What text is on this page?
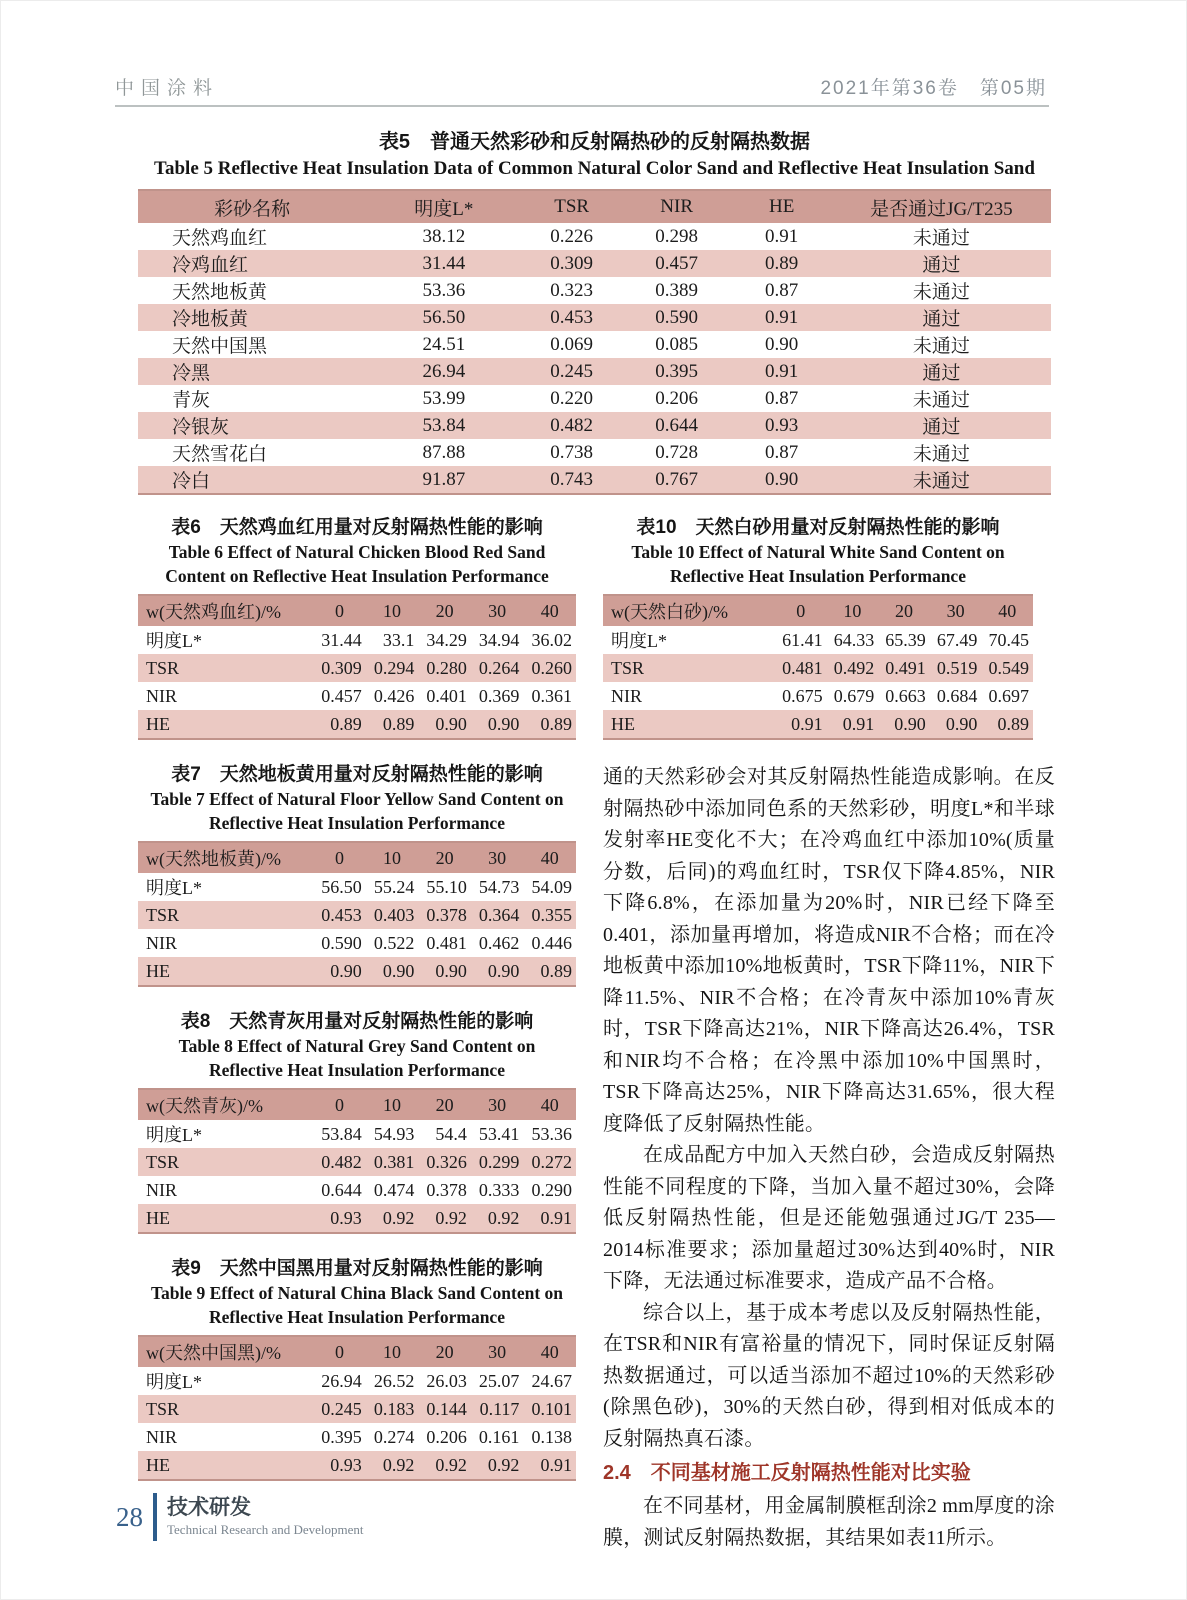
中国涂料	2021年第36卷　第05期
表5　普通天然彩砂和反射隔热砂的反射隔热数据
Table 5 Reflective Heat Insulation Data of Common Natural Color Sand and Reflective Heat Insulation Sand
彩砂名称	明度L*	TSR	NIR	HE	是否通过JG/T235
天然鸡血红	38.12	0.226	0.298	0.91	未通过
冷鸡血红	31.44	0.309	0.457	0.89	通过
天然地板黄	53.36	0.323	0.389	0.87	未通过
冷地板黄	56.50	0.453	0.590	0.91	通过
天然中国黑	24.51	0.069	0.085	0.90	未通过
冷黑	26.94	0.245	0.395	0.91	通过
青灰	53.99	0.220	0.206	0.87	未通过
冷银灰	53.84	0.482	0.644	0.93	通过
天然雪花白	87.88	0.738	0.728	0.87	未通过
冷白	91.87	0.743	0.767	0.90	未通过
表6　天然鸡血红用量对反射隔热性能的影响
Table 6 Effect of Natural Chicken Blood Red Sand
Content on Reflective Heat Insulation Performance
w(天然鸡血红)/%	0	10	20	30	40
明度L*	31.44	33.1	34.29	34.94	36.02
TSR	0.309	0.294	0.280	0.264	0.260
NIR	0.457	0.426	0.401	0.369	0.361
HE	0.89	0.89	0.90	0.90	0.89
表7　天然地板黄用量对反射隔热性能的影响
Table 7 Effect of Natural Floor Yellow Sand Content on
Reflective Heat Insulation Performance
w(天然地板黄)/%	0	10	20	30	40
明度L*	56.50	55.24	55.10	54.73	54.09
TSR	0.453	0.403	0.378	0.364	0.355
NIR	0.590	0.522	0.481	0.462	0.446
HE	0.90	0.90	0.90	0.90	0.89
表8　天然青灰用量对反射隔热性能的影响
Table 8 Effect of Natural Grey Sand Content on
Reflective Heat Insulation Performance
w(天然青灰)/%	0	10	20	30	40
明度L*	53.84	54.93	54.4	53.41	53.36
TSR	0.482	0.381	0.326	0.299	0.272
NIR	0.644	0.474	0.378	0.333	0.290
HE	0.93	0.92	0.92	0.92	0.91
表9　天然中国黑用量对反射隔热性能的影响
Table 9 Effect of Natural China Black Sand Content on
Reflective Heat Insulation Performance
w(天然中国黑)/%	0	10	20	30	40
明度L*	26.94	26.52	26.03	25.07	24.67
TSR	0.245	0.183	0.144	0.117	0.101
NIR	0.395	0.274	0.206	0.161	0.138
HE	0.93	0.92	0.92	0.92	0.91
表10　天然白砂用量对反射隔热性能的影响
Table 10 Effect of Natural White Sand Content on
Reflective Heat Insulation Performance
w(天然白砂)/%	0	10	20	30	40
明度L*	61.41	64.33	65.39	67.49	70.45
TSR	0.481	0.492	0.491	0.519	0.549
NIR	0.675	0.679	0.663	0.684	0.697
HE	0.91	0.91	0.90	0.90	0.89

通的天然彩砂会对其反射隔热性能造成影响。在反射隔热砂中添加同色系的天然彩砂，明度L*和半球发射率HE变化不大；在冷鸡血红中添加10%(质量分数，后同)的鸡血红时，TSR仅下降4.85%，NIR下降6.8%，在添加量为20%时，NIR已经下降至0.401，添加量再增加，将造成NIR不合格；而在冷地板黄中添加10%地板黄时，TSR下降11%，NIR下降11.5%、NIR不合格；在冷青灰中添加10%青灰时，TSR下降高达21%，NIR下降高达26.4%，TSR和NIR均不合格；在冷黑中添加10%中国黑时，TSR下降高达25%，NIR下降高达31.65%，很大程度降低了反射隔热性能。

在成品配方中加入天然白砂，会造成反射隔热性能不同程度的下降，当加入量不超过30%，会降低反射隔热性能，但是还能勉强通过JG/T 235—2014标准要求；添加量超过30%达到40%时，NIR下降，无法通过标准要求，造成产品不合格。

综合以上，基于成本考虑以及反射隔热性能，在TSR和NIR有富裕量的情况下，同时保证反射隔热数据通过，可以适当添加不超过10%的天然彩砂(除黑色砂)，30%的天然白砂，得到相对低成本的反射隔热真石漆。

2.4　不同基材施工反射隔热性能对比实验

在不同基材，用金属制膜框刮涂2 mm厚度的涂膜，测试反射隔热数据，其结果如表11所示。

28 技术研发
Technical Research and Development
